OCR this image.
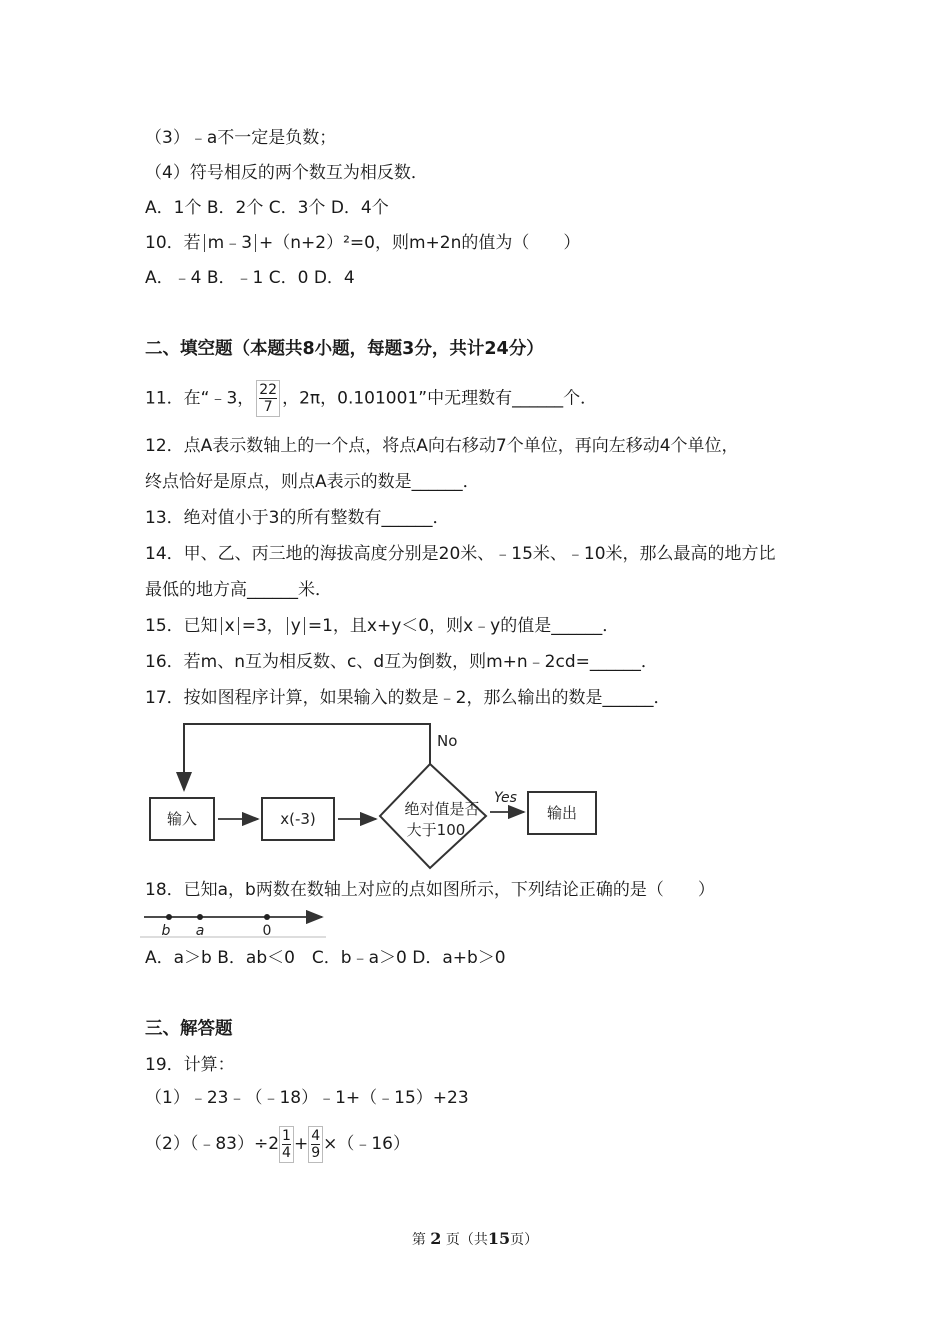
（3）﹣a不一定是负数；
（4）符号相反的两个数互为相反数．
A．1个 B．2个 C．3个 D．4个
10．若 m﹣3 +（n+2）²=0，则m+2n的值为（　　）
A．﹣4 B．﹣1 C．0 D．4
二、填空题（本题共8小题，每题3分，共计24分）
11．在“﹣3， $\frac{22}{7}$ ，2π，0.101001”中无理数有______个．
12．点A表示数轴上的一个点，将点A向右移动7个单位，再向左移动4个单位，
终点恰好是原点，则点A表示的数是______．
13．绝对值小于3的所有整数有______．
14．甲、乙、丙三地的海拔高度分别是20米、﹣15米、﹣10米，那么最高的地方比
最低的地方高______米．
15．已知 x =3， y =1，且x+y＜0，则x﹣y的值是______．
16．若m、n互为相反数、c、d互为倒数，则m+n﹣2cd=______．
17．按如图程序计算，如果输入的数是﹣2，那么输出的数是______．
No
输入	x(-3)
绝对值是否
大于100
Yes
输出
18．已知a，b两数在数轴上对应的点如图所示，下列结论正确的是（　　）
b a	0
A．a＞b B．ab＜0　C．b﹣a＞0 D．a+b＞0
三、解答题
19．计算：
（1）﹣23﹣（﹣18）﹣1+（﹣15）+23
（2）（﹣83）÷2 $\frac{1}{4} + \frac{4}{9}$ ×（﹣16）
第 2 页（共15页）
